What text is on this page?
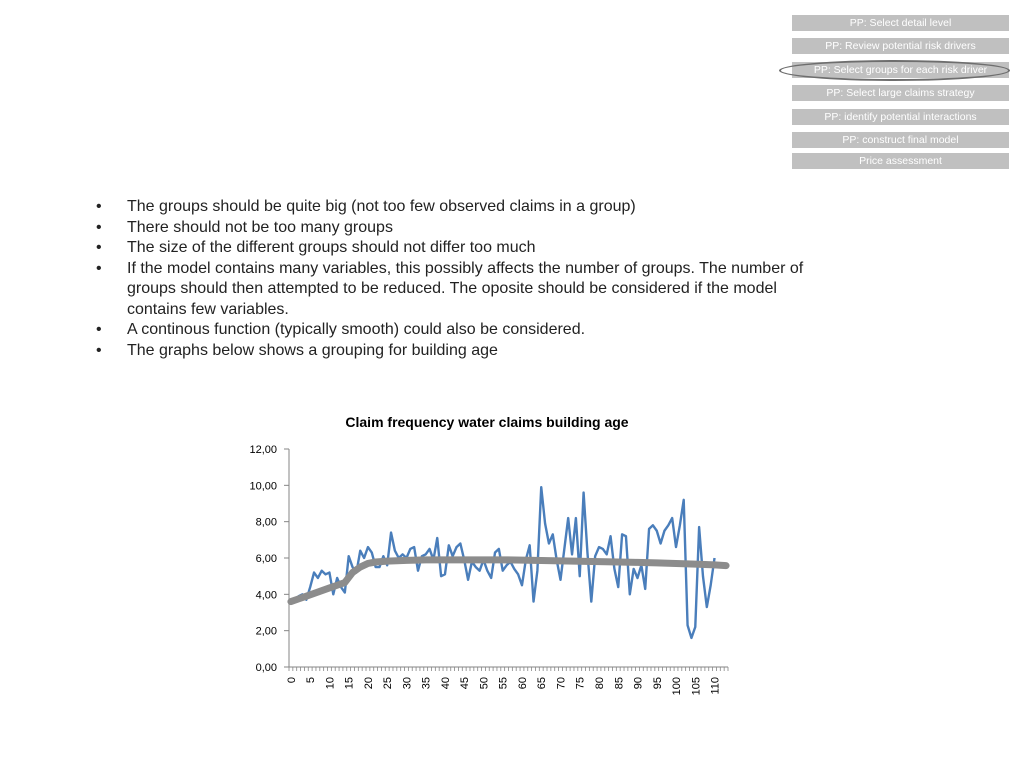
PP: Select detail level
PP: Review potential risk drivers
PP: Select groups for each risk driver
PP: Select large claims strategy
PP: identify potential interactions
PP: construct final model
Price assessment
• The groups should be quite big (not too few observed claims in a group)
• There should not be too many groups
• The size of the different groups should not differ too much
• If the model contains many variables, this possibly affects the number of groups. The number of groups should then attempted to be reduced. The oposite should be considered if the model contains few variables.
• A continous function (typically smooth) could also be considered.
• The graphs below shows a grouping for building age
Claim frequency water claims building age
0,00
2,00
4,00
6,00
8,00
10,00
12,00
0 5 10 15 20 25 30 35 40 45 50 55 60 65 70 75 80 85 90 95 100 105 110
